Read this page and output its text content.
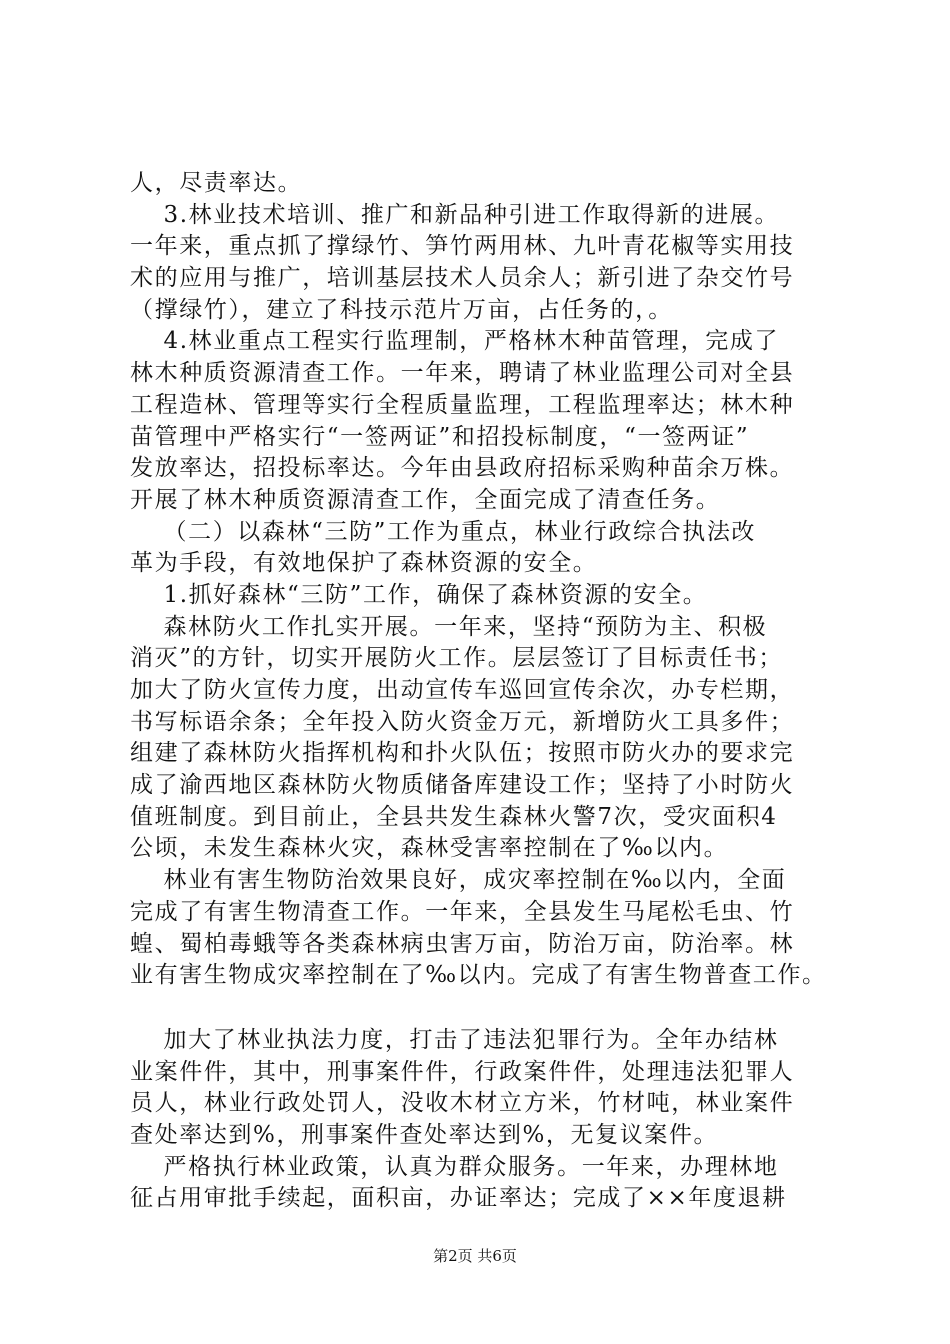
人，尽责率达。
　 3.林业技术培训、推广和新品种引进工作取得新的进展。
一年来，重点抓了撑绿竹、笋竹两用林、九叶青花椒等实用技
术的应用与推广，培训基层技术人员余人；新引进了杂交竹号
（撑绿竹），建立了科技示范片万亩，占任务的，。
　 4.林业重点工程实行监理制，严格林木种苗管理，完成了
林木种质资源清查工作。一年来，聘请了林业监理公司对全县
工程造林、管理等实行全程质量监理，工程监理率达；林木种
苗管理中严格实行“一签两证”和招投标制度，“一签两证”
发放率达，招投标率达。今年由县政府招标采购种苗余万株。
开展了林木种质资源清查工作，全面完成了清查任务。
　 （二）以森林“三防”工作为重点，林业行政综合执法改
革为手段，有效地保护了森林资源的安全。
　 1.抓好森林“三防”工作，确保了森林资源的安全。
　 森林防火工作扎实开展。一年来，坚持“预防为主、积极
消灭”的方针，切实开展防火工作。层层签订了目标责任书；
加大了防火宣传力度，出动宣传车巡回宣传余次，办专栏期，
书写标语余条；全年投入防火资金万元，新增防火工具多件；
组建了森林防火指挥机构和扑火队伍；按照市防火办的要求完
成了渝西地区森林防火物质储备库建设工作；坚持了小时防火
值班制度。到目前止，全县共发生森林火警7次，受灾面积4
公顷，未发生森林火灾，森林受害率控制在了‰以内。
　 林业有害生物防治效果良好，成灾率控制在‰以内，全面
完成了有害生物清查工作。一年来，全县发生马尾松毛虫、竹
蝗、蜀柏毒蛾等各类森林病虫害万亩，防治万亩，防治率。林
业有害生物成灾率控制在了‰以内。完成了有害生物普查工作。
　 加大了林业执法力度，打击了违法犯罪行为。全年办结林
业案件件，其中，刑事案件件，行政案件件，处理违法犯罪人
员人，林业行政处罚人，没收木材立方米，竹材吨，林业案件
查处率达到%，刑事案件查处率达到%，无复议案件。
　 严格执行林业政策，认真为群众服务。一年来，办理林地
征占用审批手续起，面积亩，办证率达；完成了××年度退耕
第2页 共6页
